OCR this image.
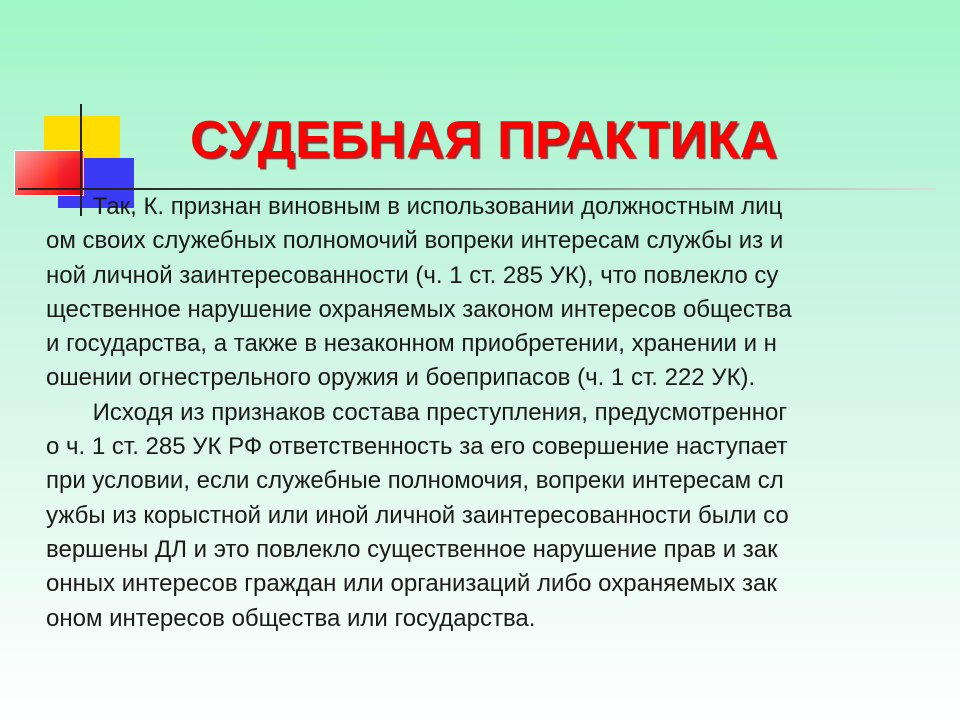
СУДЕБНАЯ ПРАКТИКА
Так, К. признан виновным в использовании должностным лиц
ом своих служебных полномочий вопреки интересам службы из и
ной личной заинтересованности (ч. 1 ст. 285 УК), что повлекло су
щественное нарушение охраняемых законом интересов общества
и государства, а также в незаконном приобретении, хранении и н
ошении огнестрельного оружия и боеприпасов (ч. 1 ст. 222 УК).
Исходя из признаков состава преступления, предусмотренног
о ч. 1 ст. 285 УК РФ ответственность за его совершение наступает
при условии, если служебные полномочия, вопреки интересам сл
ужбы из корыстной или иной личной заинтересованности были со
вершены ДЛ и это повлекло существенное нарушение прав и зак
онных интересов граждан или организаций либо охраняемых зак
оном интересов общества или государства.
